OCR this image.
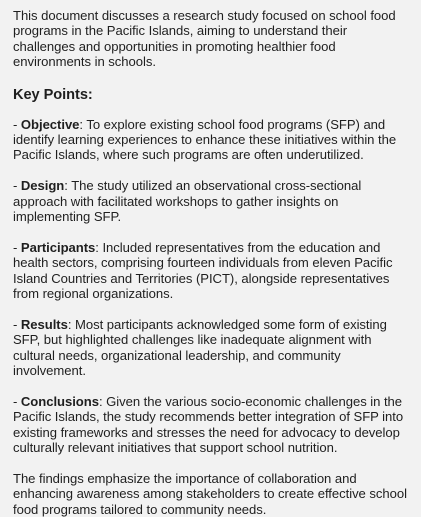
This document discusses a research study focused on school food programs in the Pacific Islands, aiming to understand their challenges and opportunities in promoting healthier food environments in schools.

Key Points:

- Objective: To explore existing school food programs (SFP) and identify learning experiences to enhance these initiatives within the Pacific Islands, where such programs are often underutilized.

- Design: The study utilized an observational cross-sectional approach with facilitated workshops to gather insights on implementing SFP.

- Participants: Included representatives from the education and health sectors, comprising fourteen individuals from eleven Pacific Island Countries and Territories (PICT), alongside representatives from regional organizations.

- Results: Most participants acknowledged some form of existing SFP, but highlighted challenges like inadequate alignment with cultural needs, organizational leadership, and community involvement.

- Conclusions: Given the various socio-economic challenges in the Pacific Islands, the study recommends better integration of SFP into existing frameworks and stresses the need for advocacy to develop culturally relevant initiatives that support school nutrition.

The findings emphasize the importance of collaboration and enhancing awareness among stakeholders to create effective school food programs tailored to community needs.
